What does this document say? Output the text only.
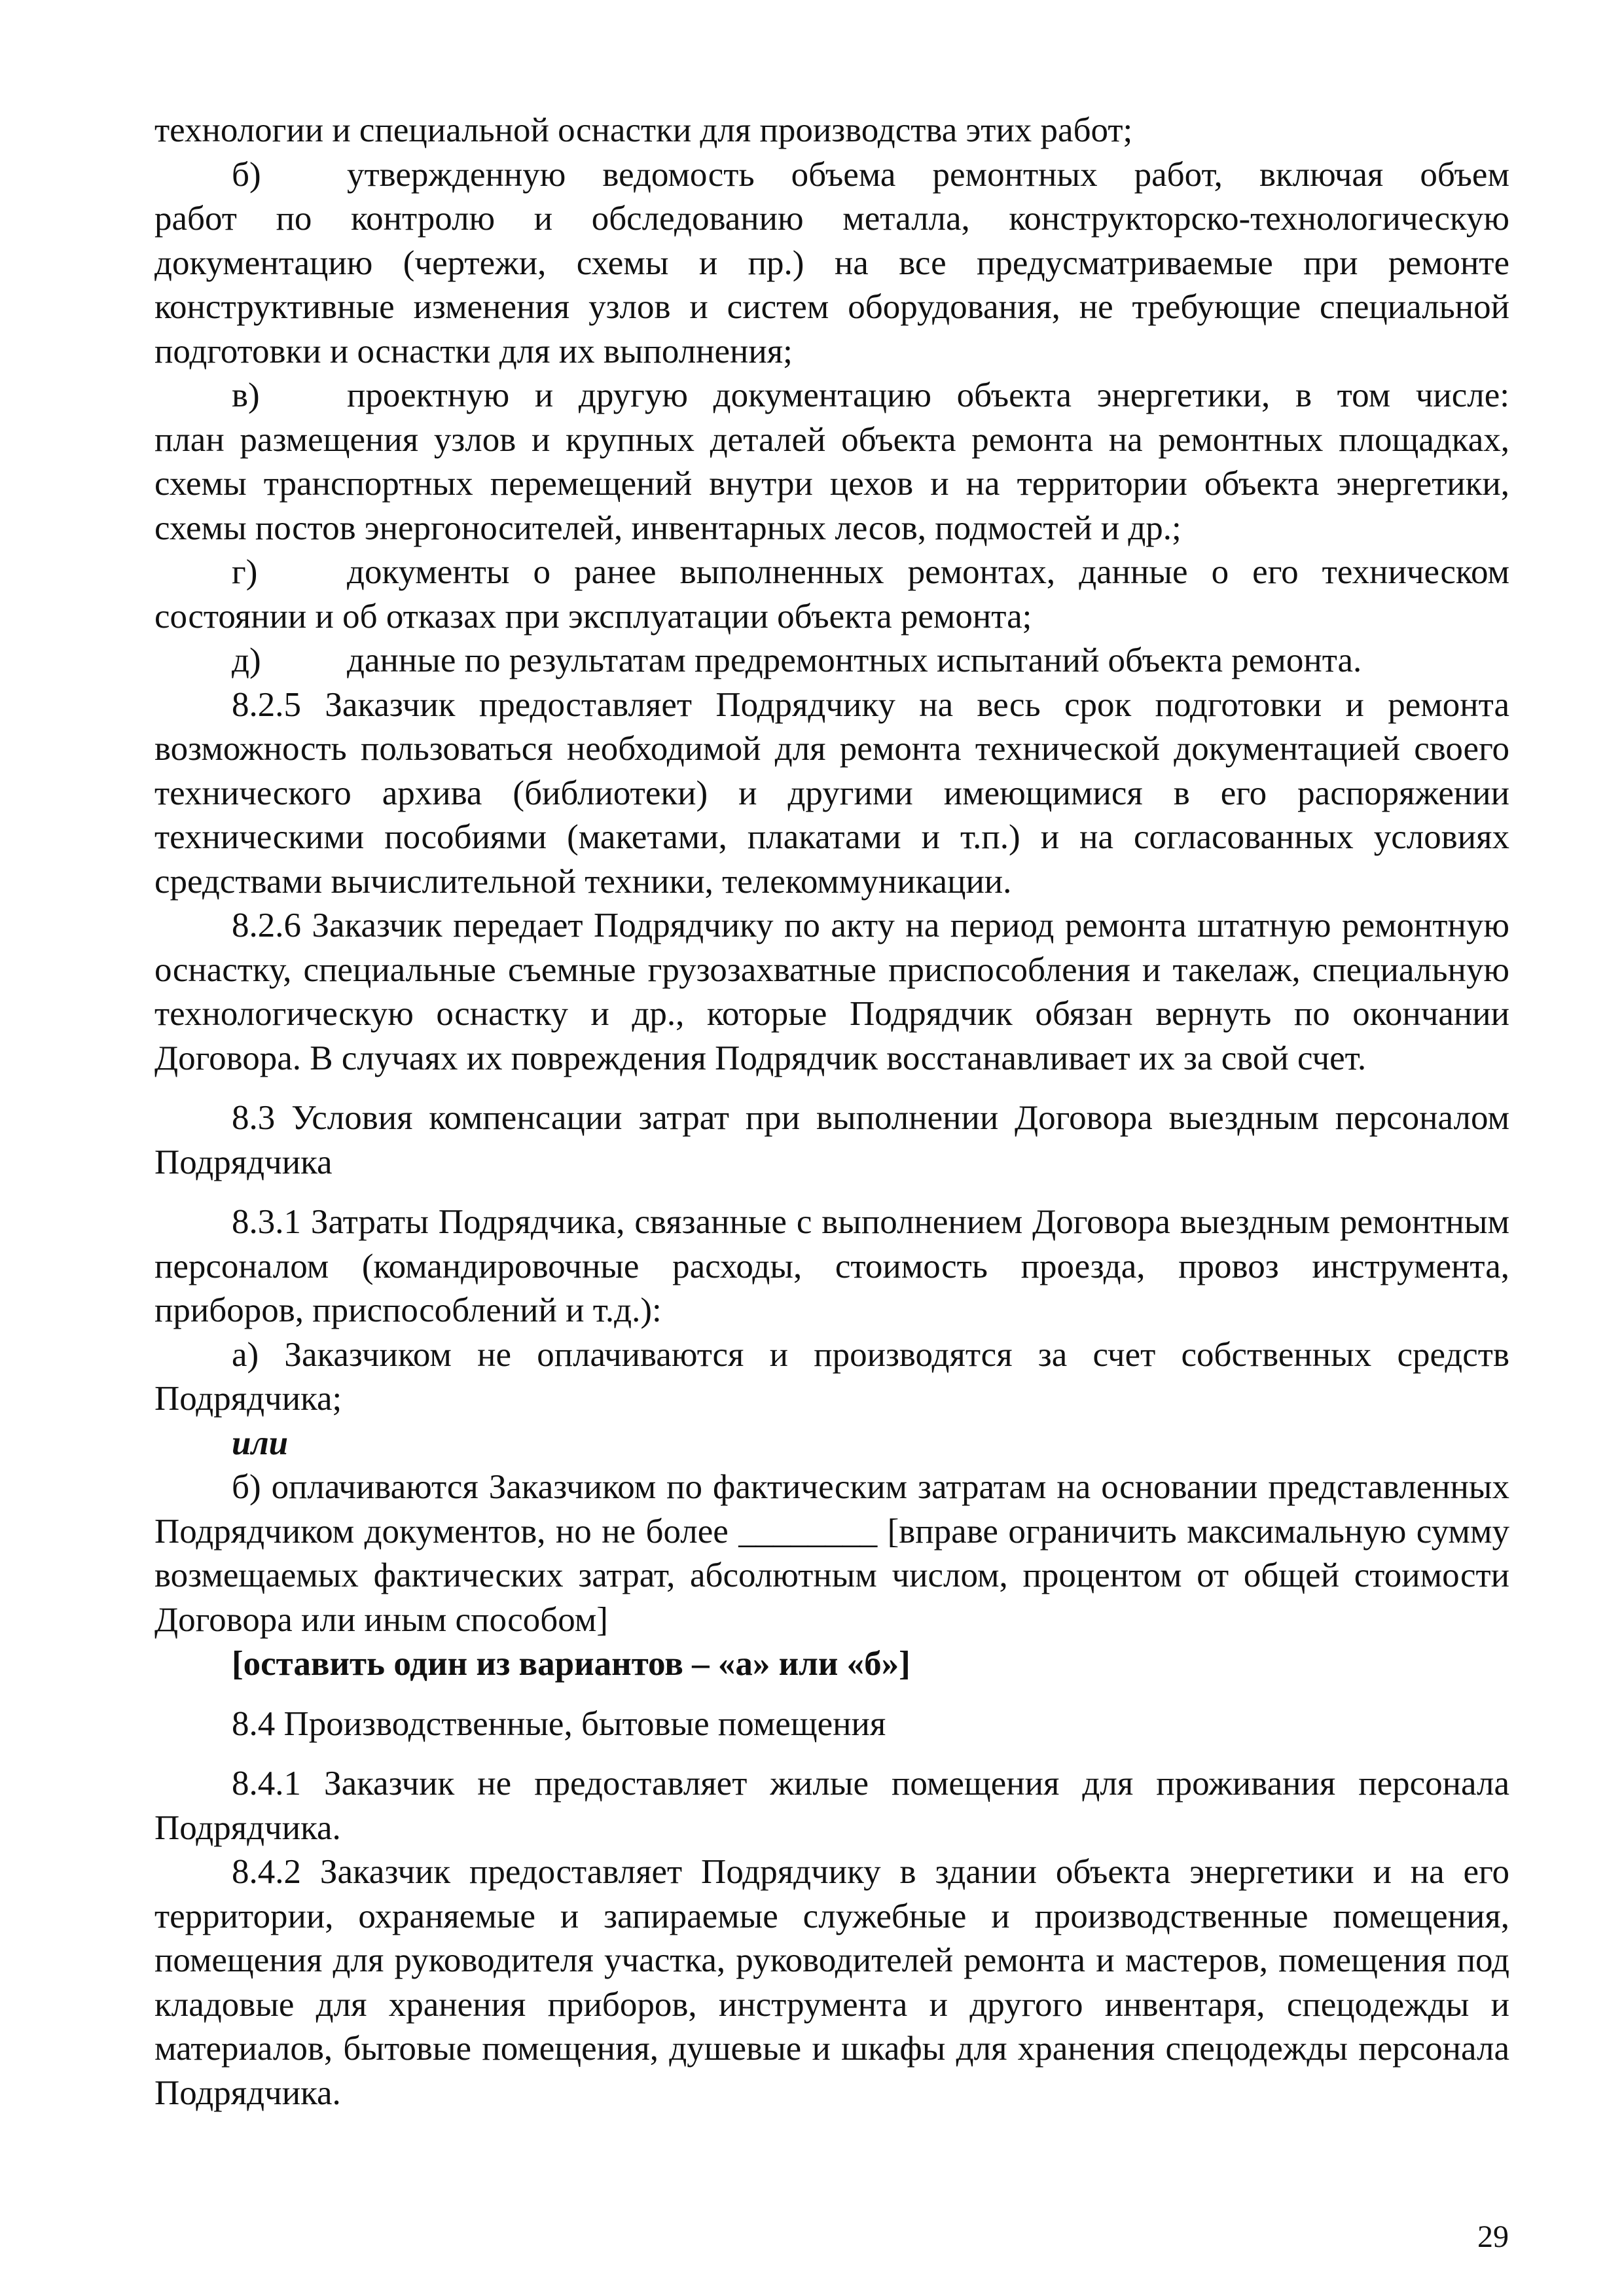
технологии и специальной оснастки для производства этих работ;

б)	утвержденную ведомость объема ремонтных работ, включая объем

работ по контролю и обследованию металла, конструкторско-технологическую документацию (чертежи, схемы и пр.) на все предусматриваемые при ремонте конструктивные изменения узлов и систем оборудования, не требующие специальной подготовки и оснастки для их выполнения;

в)	проектную и другую документацию объекта энергетики, в том числе:

план размещения узлов и крупных деталей объекта ремонта на ремонтных площадках, схемы транспортных перемещений внутри цехов и на территории объекта энергетики, схемы постов энергоносителей, инвентарных лесов, подмостей и др.;

г)	документы о ранее выполненных ремонтах, данные о его техническом

состоянии и об отказах при эксплуатации объекта ремонта;

д)	данные по результатам предремонтных испытаний объекта ремонта.

8.2.5 Заказчик предоставляет Подрядчику на весь срок подготовки и ремонта возможность пользоваться необходимой для ремонта технической документацией своего технического архива (библиотеки) и другими имеющимися в его распоряжении техническими пособиями (макетами, плакатами и т.п.) и на согласованных условиях средствами вычислительной техники, телекоммуникации.

8.2.6 Заказчик передает Подрядчику по акту на период ремонта штатную ремонтную оснастку, специальные съемные грузозахватные приспособления и такелаж, специальную технологическую оснастку и др., которые Подрядчик обязан вернуть по окончании Договора. В случаях их повреждения Подрядчик восстанавливает их за свой счет.

8.3 Условия компенсации затрат при выполнении Договора выездным персоналом Подрядчика

8.3.1 Затраты Подрядчика, связанные с выполнением Договора выездным ремонтным персоналом (командировочные расходы, стоимость проезда, провоз инструмента, приборов, приспособлений и т.д.):

а) Заказчиком не оплачиваются и производятся за счет собственных средств Подрядчика;

или

б) оплачиваются Заказчиком по фактическим затратам на основании представленных Подрядчиком документов, но не более ________ [вправе ограничить максимальную сумму возмещаемых фактических затрат, абсолютным числом, процентом от общей стоимости Договора или иным способом]

[оставить один из вариантов – «а» или «б»]

8.4 Производственные, бытовые помещения

8.4.1 Заказчик не предоставляет жилые помещения для проживания персонала Подрядчика.

8.4.2 Заказчик предоставляет Подрядчику в здании объекта энергетики и на его территории, охраняемые и запираемые служебные и производственные помещения, помещения для руководителя участка, руководителей ремонта и мастеров, помещения под кладовые для хранения приборов, инструмента и другого инвентаря, спецодежды и материалов, бытовые помещения, душевые и шкафы для хранения спецодежды персонала Подрядчика.

29
